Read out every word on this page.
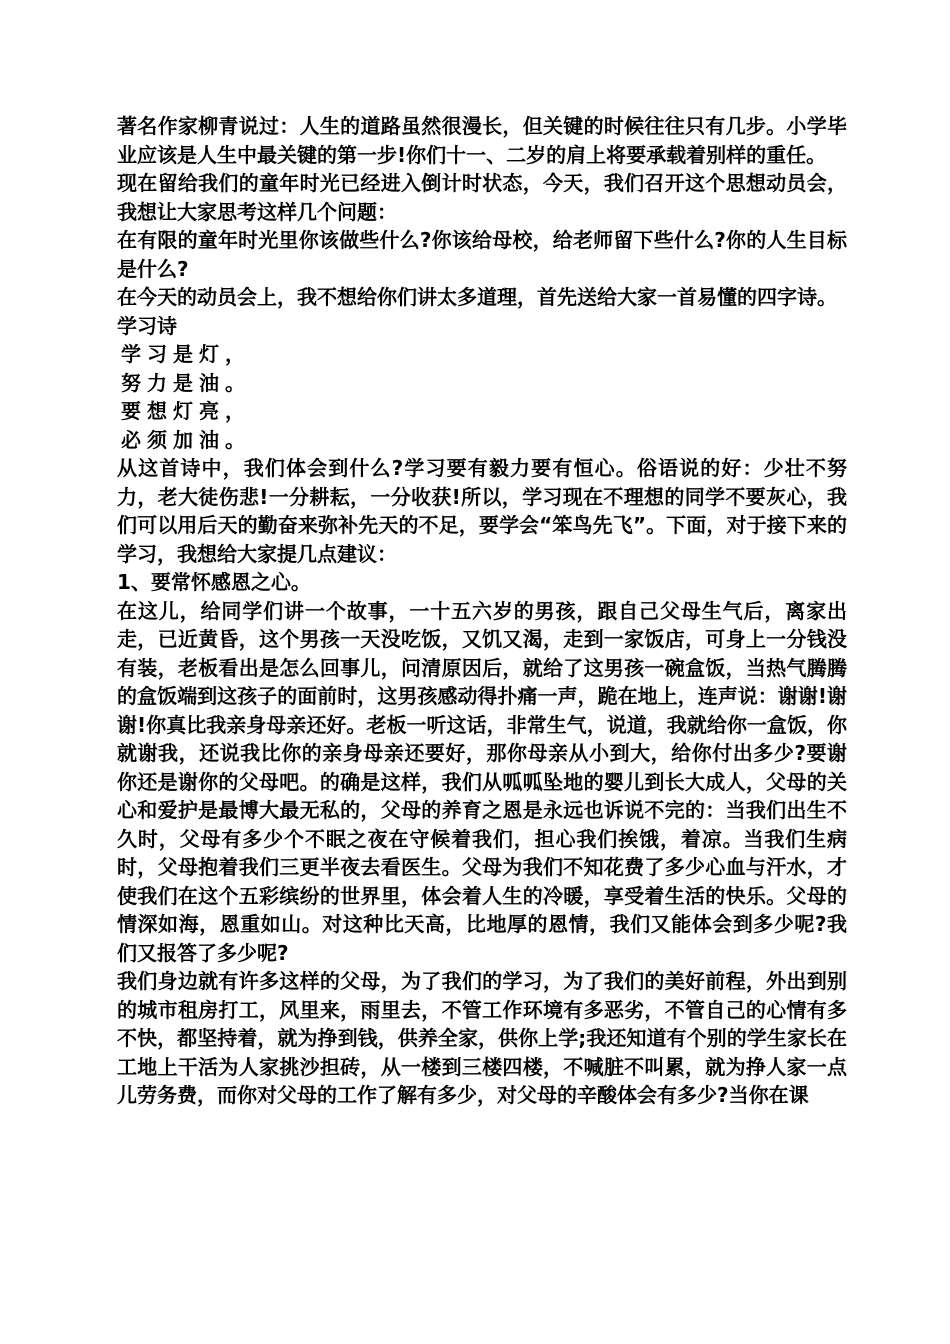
著名作家柳青说过：人生的道路虽然很漫长，但关键的时候往往只有几步。小学毕业应该是人生中最关键的第一步!你们十一、二岁的肩上将要承载着别样的重任。

现在留给我们的童年时光已经进入倒计时状态，今天，我们召开这个思想动员会，我想让大家思考这样几个问题：

在有限的童年时光里你该做些什么?你该给母校，给老师留下些什么?你的人生目标是什么?

在今天的动员会上，我不想给你们讲太多道理，首先送给大家一首易懂的四字诗。

学习诗

学习是灯，

努力是油。

要想灯亮，

必须加油。

从这首诗中，我们体会到什么?学习要有毅力要有恒心。俗语说的好：少壮不努力，老大徒伤悲!一分耕耘，一分收获!所以，学习现在不理想的同学不要灰心，我们可以用后天的勤奋来弥补先天的不足，要学会“笨鸟先飞”。下面，对于接下来的学习，我想给大家提几点建议：

1、要常怀感恩之心。

在这儿，给同学们讲一个故事，一十五六岁的男孩，跟自己父母生气后，离家出走，已近黄昏，这个男孩一天没吃饭，又饥又渴，走到一家饭店，可身上一分钱没有装，老板看出是怎么回事儿，问清原因后，就给了这男孩一碗盒饭，当热气腾腾的盒饭端到这孩子的面前时，这男孩感动得扑痛一声，跪在地上，连声说：谢谢!谢谢!你真比我亲身母亲还好。老板一听这话，非常生气，说道，我就给你一盒饭，你就谢我，还说我比你的亲身母亲还要好，那你母亲从小到大，给你付出多少?要谢你还是谢你的父母吧。的确是这样，我们从呱呱坠地的婴儿到长大成人，父母的关心和爱护是最博大最无私的，父母的养育之恩是永远也诉说不完的：当我们出生不久时，父母有多少个不眠之夜在守候着我们，担心我们挨饿，着凉。当我们生病时，父母抱着我们三更半夜去看医生。父母为我们不知花费了多少心血与汗水，才使我们在这个五彩缤纷的世界里，体会着人生的冷暖，享受着生活的快乐。父母的情深如海，恩重如山。对这种比天高，比地厚的恩情，我们又能体会到多少呢?我们又报答了多少呢?

我们身边就有许多这样的父母，为了我们的学习，为了我们的美好前程，外出到别的城市租房打工，风里来，雨里去，不管工作环境有多恶劣，不管自己的心情有多不快，都坚持着，就为挣到钱，供养全家，供你上学;我还知道有个别的学生家长在工地上干活为人家挑沙担砖，从一楼到三楼四楼，不喊脏不叫累，就为挣人家一点儿劳务费，而你对父母的工作了解有多少，对父母的辛酸体会有多少?当你在课
